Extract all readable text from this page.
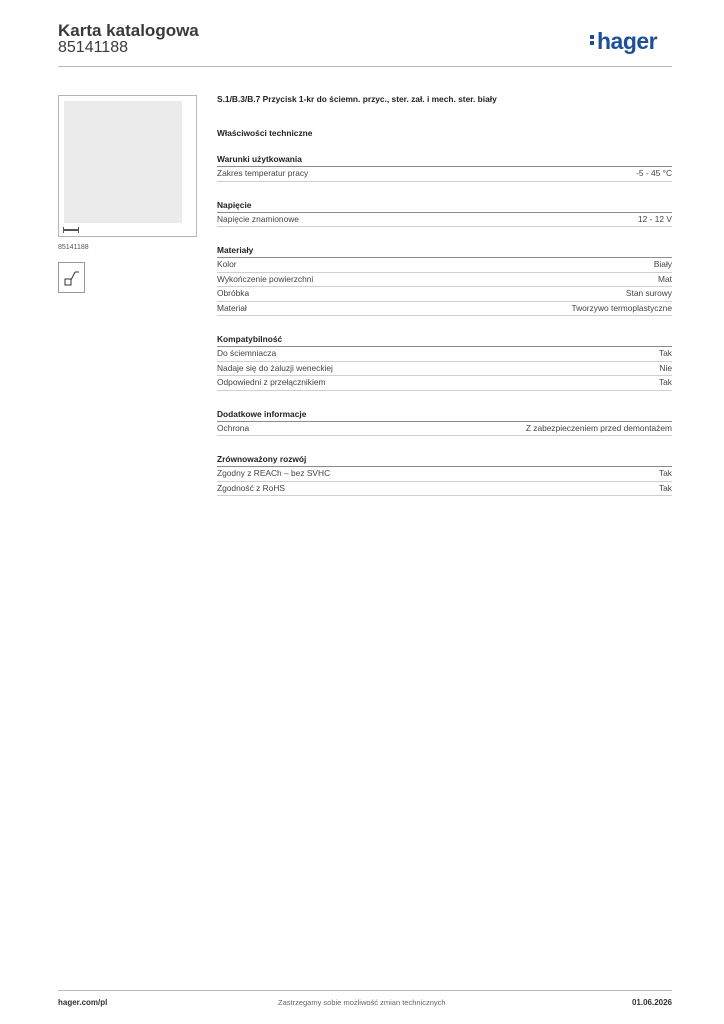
Karta katalogowa
85141188	hager
85141188
S.1/B.3/B.7 Przycisk 1-kr do ściemn. przyc., ster. zał. i mech. ster. biały
Właściwości techniczne
Warunki użytkowania
Zakres temperatur pracy	-5 - 45 °C
Napięcie
Napięcie znamionowe	12 - 12 V
Materiały
Kolor	Biały
Wykończenie powierzchni	Mat
Obróbka	Stan surowy
Materiał	Tworzywo termoplastyczne
Kompatybilność
Do ściemniacza	Tak
Nadaje się do żaluzji weneckiej	Nie
Odpowiedni z przełącznikiem	Tak
Dodatkowe informacje
Ochrona	Z zabezpieczeniem przed demontażem
Zrównoważony rozwój
Zgodny z REACh – bez SVHC	Tak
Zgodność z RoHS	Tak
hager.com/pl	Zastrzegamy sobie możliwość zmian technicznych	01.06.2026
